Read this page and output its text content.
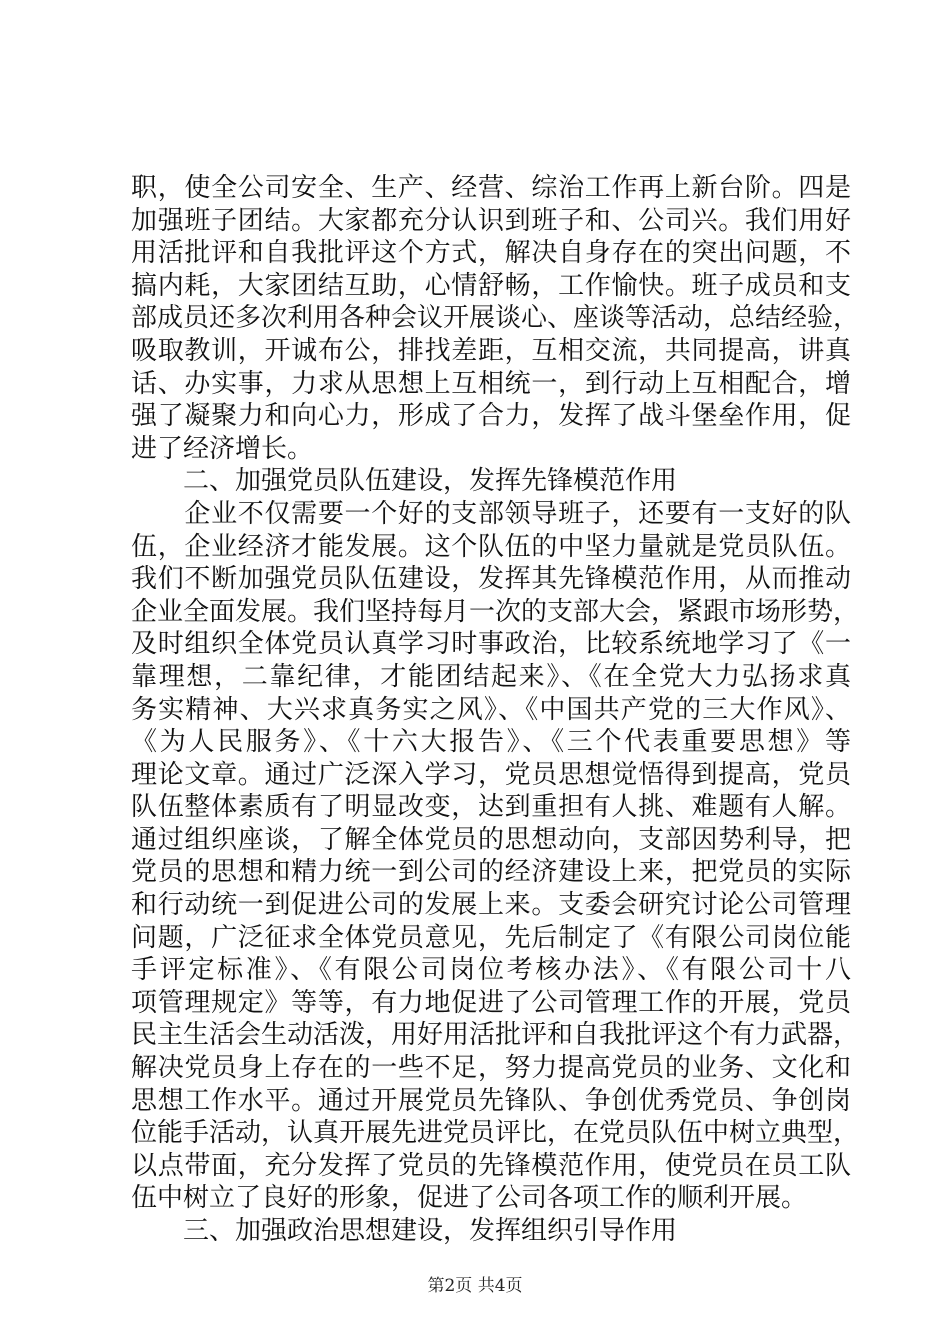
职，使全公司安全、生产、经营、综治工作再上新台阶。四是
加强班子团结。大家都充分认识到班子和、公司兴。我们用好
用活批评和自我批评这个方式，解决自身存在的突出问题，不
搞内耗，大家团结互助，心情舒畅，工作愉快。班子成员和支
部成员还多次利用各种会议开展谈心、座谈等活动，总结经验，
吸取教训，开诚布公，排找差距，互相交流，共同提高，讲真
话、办实事，力求从思想上互相统一，到行动上互相配合，增
强了凝聚力和向心力，形成了合力，发挥了战斗堡垒作用，促
进了经济增长。
二、加强党员队伍建设，发挥先锋模范作用
　　企业不仅需要一个好的支部领导班子，还要有一支好的队
伍，企业经济才能发展。这个队伍的中坚力量就是党员队伍。
我们不断加强党员队伍建设，发挥其先锋模范作用，从而推动
企业全面发展。我们坚持每月一次的支部大会，紧跟市场形势，
及时组织全体党员认真学习时事政治，比较系统地学习了《一
靠理想，二靠纪律，才能团结起来》、《在全党大力弘扬求真
务实精神、大兴求真务实之风》、《中国共产党的三大作风》、
《为人民服务》、《十六大报告》、《三个代表重要思想》等
理论文章。通过广泛深入学习，党员思想觉悟得到提高，党员
队伍整体素质有了明显改变，达到重担有人挑、难题有人解。
通过组织座谈，了解全体党员的思想动向，支部因势利导，把
党员的思想和精力统一到公司的经济建设上来，把党员的实际
和行动统一到促进公司的发展上来。支委会研究讨论公司管理
问题，广泛征求全体党员意见，先后制定了《有限公司岗位能
手评定标准》、《有限公司岗位考核办法》、《有限公司十八
项管理规定》等等，有力地促进了公司管理工作的开展，党员
民主生活会生动活泼，用好用活批评和自我批评这个有力武器，
解决党员身上存在的一些不足，努力提高党员的业务、文化和
思想工作水平。通过开展党员先锋队、争创优秀党员、争创岗
位能手活动，认真开展先进党员评比，在党员队伍中树立典型，
以点带面，充分发挥了党员的先锋模范作用，使党员在员工队
伍中树立了良好的形象，促进了公司各项工作的顺利开展。
三、加强政治思想建设，发挥组织引导作用
第2页 共4页
